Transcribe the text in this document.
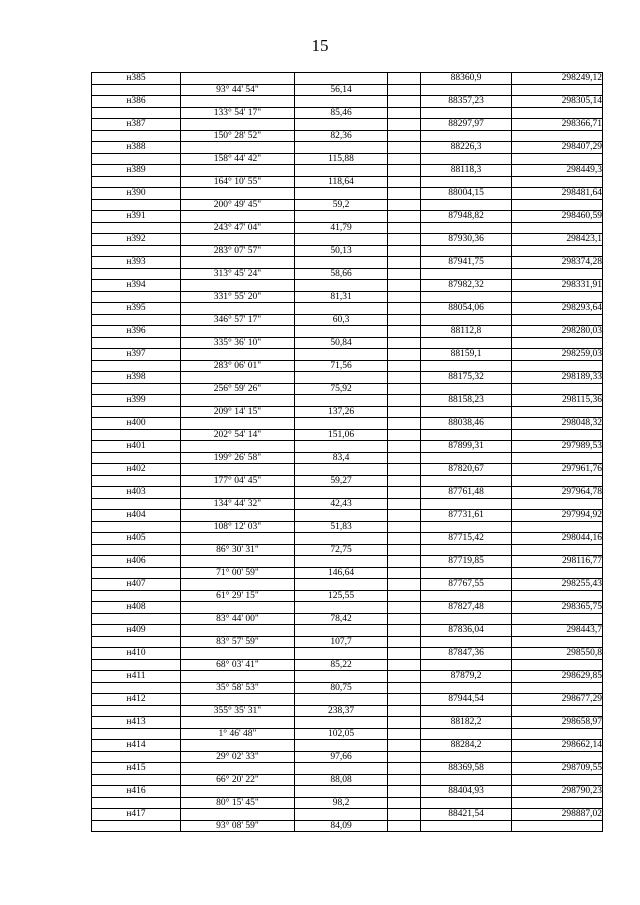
15
н385				88360,9	298249,12
	93° 44' 54"	56,14			
н386				88357,23	298305,14
	133° 54' 17"	85,46			
н387				88297,97	298366,71
	150° 28' 52"	82,36			
н388				88226,3	298407,29
	158° 44' 42"	115,88			
н389				88118,3	298449,3
	164° 10' 55"	118,64			
н390				88004,15	298481,64
	200° 49' 45"	59,2			
н391				87948,82	298460,59
	243° 47' 04"	41,79			
н392				87930,36	298423,1
	283° 07' 57"	50,13			
н393				87941,75	298374,28
	313° 45' 24"	58,66			
н394				87982,32	298331,91
	331° 55' 20"	81,31			
н395				88054,06	298293,64
	346° 57' 17"	60,3			
н396				88112,8	298280,03
	335° 36' 10"	50,84			
н397				88159,1	298259,03
	283° 06' 01"	71,56			
н398				88175,32	298189,33
	256° 59' 26"	75,92			
н399				88158,23	298115,36
	209° 14' 15"	137,26			
н400				88038,46	298048,32
	202° 54' 14"	151,06			
н401				87899,31	297989,53
	199° 26' 58"	83,4			
н402				87820,67	297961,76
	177° 04' 45"	59,27			
н403				87761,48	297964,78
	134° 44' 32"	42,43			
н404				87731,61	297994,92
	108° 12' 03"	51,83			
н405				87715,42	298044,16
	86° 30' 31"	72,75			
н406				87719,85	298116,77
	71° 00' 59"	146,64			
н407				87767,55	298255,43
	61° 29' 15"	125,55			
н408				87827,48	298365,75
	83° 44' 00"	78,42			
н409				87836,04	298443,7
	83° 57' 59"	107,7			
н410				87847,36	298550,8
	68° 03' 41"	85,22			
н411				87879,2	298629,85
	35° 58' 53"	80,75			
н412				87944,54	298677,29
	355° 35' 31"	238,37			
н413				88182,2	298658,97
	1° 46' 48"	102,05			
н414				88284,2	298662,14
	29° 02' 33"	97,66			
н415				88369,58	298709,55
	66° 20' 22"	88,08			
н416				88404,93	298790,23
	80° 15' 45"	98,2			
н417				88421,54	298887,02
	93° 08' 59"	84,09			
